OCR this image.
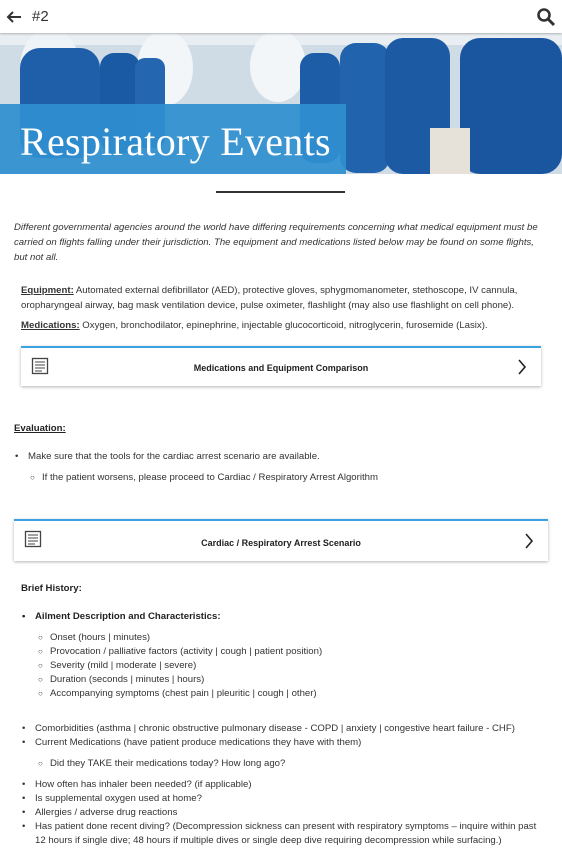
#2
Respiratory Events
Different governmental agencies around the world have differing requirements concerning what medical equipment must be carried on flights falling under their jurisdiction. The equipment and medications listed below may be found on some flights, but not all.
Equipment: Automated external defibrillator (AED), protective gloves, sphygmomanometer, stethoscope, IV cannula, oropharyngeal airway, bag mask ventilation device, pulse oximeter, flashlight (may also use flashlight on cell phone).
Medications: Oxygen, bronchodilator, epinephrine, injectable glucocorticoid, nitroglycerin, furosemide (Lasix).
Medications and Equipment Comparison
Evaluation:
• Make sure that the tools for the cardiac arrest scenario are available.
○ If the patient worsens, please proceed to Cardiac / Respiratory Arrest Algorithm
Cardiac / Respiratory Arrest Scenario
Brief History:
• Ailment Description and Characteristics:
○ Onset (hours | minutes)
○ Provocation / palliative factors (activity | cough | patient position)
○ Severity (mild | moderate | severe)
○ Duration (seconds | minutes | hours)
○ Accompanying symptoms (chest pain | pleuritic | cough | other)
• Comorbidities (asthma | chronic obstructive pulmonary disease - COPD | anxiety | congestive heart failure - CHF)
• Current Medications (have patient produce medications they have with them)
○ Did they TAKE their medications today? How long ago?
• How often has inhaler been needed? (if applicable)
• Is supplemental oxygen used at home?
• Allergies / adverse drug reactions
• Has patient done recent diving? (Decompression sickness can present with respiratory symptoms – inquire within past 12 hours if single dive; 48 hours if multiple dives or single deep dive requiring decompression while surfacing.)
